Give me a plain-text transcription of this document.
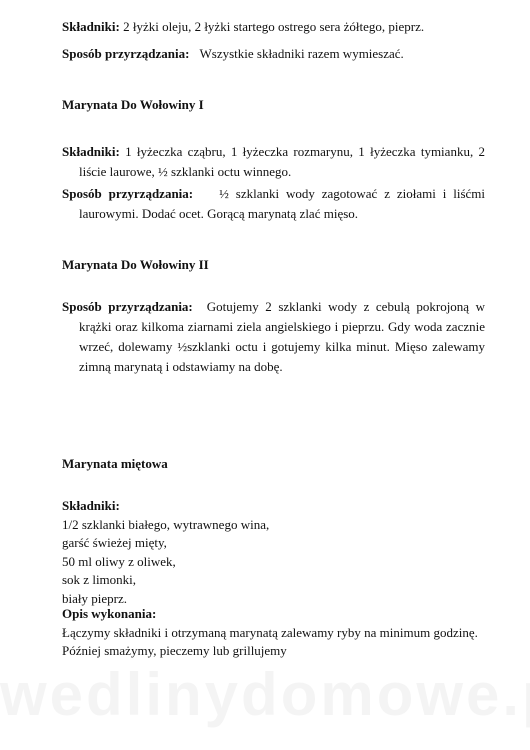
Składniki: 2 łyżki oleju, 2 łyżki startego ostrego sera żółtego, pieprz.
Sposób przyrządzania: Wszystkie składniki razem wymieszać.
Marynata Do Wołowiny I
Składniki: 1 łyżeczka cząbru, 1 łyżeczka rozmarynu, 1 łyżeczka tymianku, 2 liście laurowe, ½ szklanki octu winnego.
Sposób przyrządzania: ½ szklanki wody zagotować z ziołami i liśćmi laurowymi. Dodać ocet. Gorącą marynatą zlać mięso.
Marynata Do Wołowiny II
Sposób przyrządzania: Gotujemy 2 szklanki wody z cebulą pokrojoną w krążki oraz kilkoma ziarnami ziela angielskiego i pieprzu. Gdy woda zacznie wrzeć, dolewamy ½szklanki octu i gotujemy kilka minut. Mięso zalewamy zimną marynatą i odstawiamy na dobę.
Marynata miętowa
Składniki:
1/2 szklanki białego, wytrawnego wina,
garść świeżej mięty,
50 ml oliwy z oliwek,
sok z limonki,
biały pieprz.
Opis wykonania:
Łączymy składniki i otrzymaną marynatą zalewamy ryby na minimum godzinę.
Później smażymy, pieczemy lub grillujemy
